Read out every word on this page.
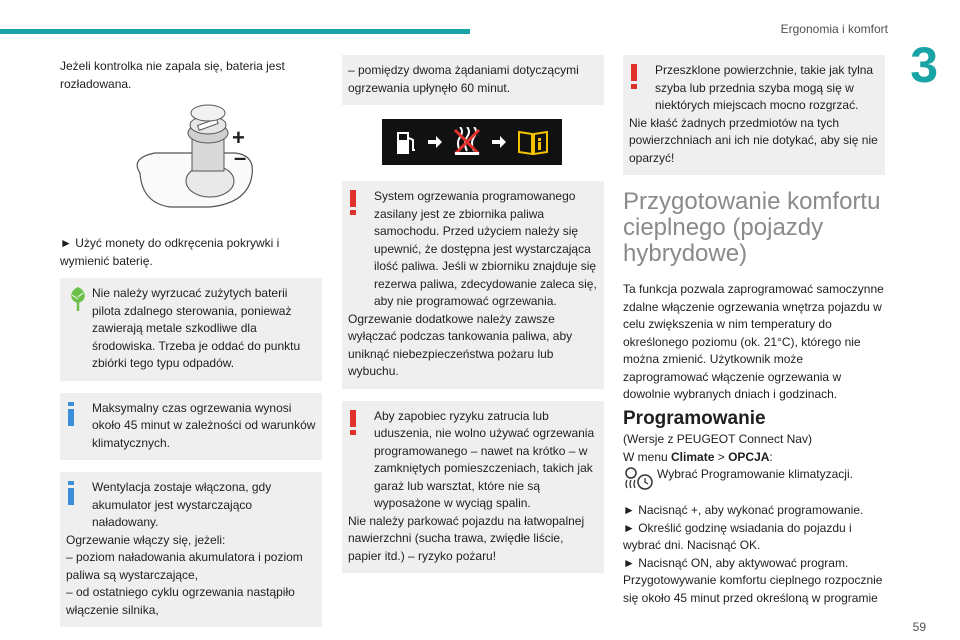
Ergonomia i komfort
3
59

Jeżeli kontrolka nie zapala się, bateria jest rozładowana.

+
–

► Użyć monety do odkręcenia pokrywki i wymienić baterię.

Nie należy wyrzucać zużytych baterii pilota zdalnego sterowania, ponieważ zawierają metale szkodliwe dla środowiska. Trzeba je oddać do punktu zbiórki tego typu odpadów.

Maksymalny czas ogrzewania wynosi około 45 minut w zależności od warunków klimatycznych.

Wentylacja zostaje włączona, gdy akumulator jest wystarczająco naładowany.

Ogrzewanie włączy się, jeżeli:

– poziom naładowania akumulatora i poziom paliwa są wystarczające,

– od ostatniego cyklu ogrzewania nastąpiło włączenie silnika,

– pomiędzy dwoma żądaniami dotyczącymi ogrzewania upłynęło 60 minut.

System ogrzewania programowanego zasilany jest ze zbiornika paliwa samochodu. Przed użyciem należy się upewnić, że dostępna jest wystarczająca ilość paliwa. Jeśli w zbiorniku znajduje się rezerwa paliwa, zdecydowanie zaleca się, aby nie programować ogrzewania.

Ogrzewanie dodatkowe należy zawsze wyłączać podczas tankowania paliwa, aby uniknąć niebezpieczeństwa pożaru lub wybuchu.

Aby zapobiec ryzyku zatrucia lub uduszenia, nie wolno używać ogrzewania programowanego – nawet na krótko – w zamkniętych pomieszczeniach, takich jak garaż lub warsztat, które nie są wyposażone w wyciąg spalin.

Nie należy parkować pojazdu na łatwopalnej nawierzchni (sucha trawa, zwiędłe liście, papier itd.) – ryzyko pożaru!

Przeszklone powierzchnie, takie jak tylna szyba lub przednia szyba mogą się w niektórych miejscach mocno rozgrzać.

Nie kłaść żadnych przedmiotów na tych powierzchniach ani ich nie dotykać, aby się nie oparzyć!

Przygotowanie komfortu cieplnego (pojazdy hybrydowe)

Ta funkcja pozwala zaprogramować samoczynne zdalne włączenie ogrzewania wnętrza pojazdu w celu zwiększenia w nim temperatury do określonego poziomu (ok. 21°C), którego nie można zmienić. Użytkownik może zaprogramować włączenie ogrzewania w dowolnie wybranych dniach i godzinach.

Programowanie

(Wersje z PEUGEOT Connect Nav)

W menu Climate > OPCJA:

Wybrać Programowanie klimatyzacji.

► Nacisnąć +, aby wykonać programowanie.

► Określić godzinę wsiadania do pojazdu i wybrać dni. Nacisnąć OK.

► Nacisnąć ON, aby aktywować program.

Przygotowywanie komfortu cieplnego rozpocznie się około 45 minut przed określoną w programie
